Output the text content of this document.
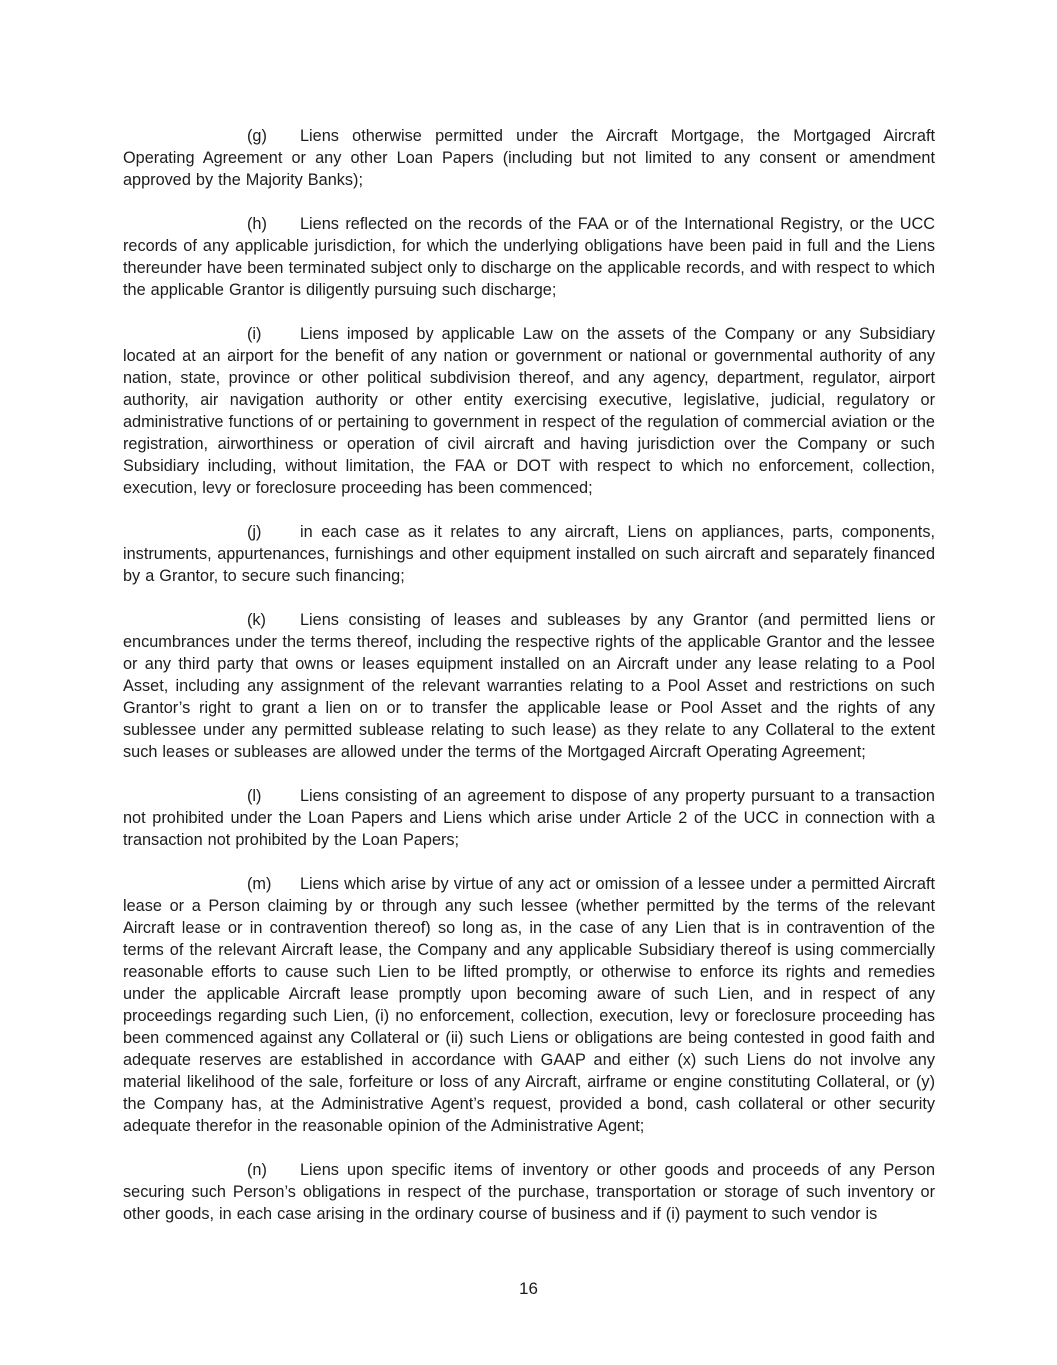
(g) Liens otherwise permitted under the Aircraft Mortgage, the Mortgaged Aircraft Operating Agreement or any other Loan Papers (including but not limited to any consent or amendment approved by the Majority Banks);

(h) Liens reflected on the records of the FAA or of the International Registry, or the UCC records of any applicable jurisdiction, for which the underlying obligations have been paid in full and the Liens thereunder have been terminated subject only to discharge on the applicable records, and with respect to which the applicable Grantor is diligently pursuing such discharge;

(i) Liens imposed by applicable Law on the assets of the Company or any Subsidiary located at an airport for the benefit of any nation or government or national or governmental authority of any nation, state, province or other political subdivision thereof, and any agency, department, regulator, airport authority, air navigation authority or other entity exercising executive, legislative, judicial, regulatory or administrative functions of or pertaining to government in respect of the regulation of commercial aviation or the registration, airworthiness or operation of civil aircraft and having jurisdiction over the Company or such Subsidiary including, without limitation, the FAA or DOT with respect to which no enforcement, collection, execution, levy or foreclosure proceeding has been commenced;

(j) in each case as it relates to any aircraft, Liens on appliances, parts, components, instruments, appurtenances, furnishings and other equipment installed on such aircraft and separately financed by a Grantor, to secure such financing;

(k) Liens consisting of leases and subleases by any Grantor (and permitted liens or encumbrances under the terms thereof, including the respective rights of the applicable Grantor and the lessee or any third party that owns or leases equipment installed on an Aircraft under any lease relating to a Pool Asset, including any assignment of the relevant warranties relating to a Pool Asset and restrictions on such Grantor’s right to grant a lien on or to transfer the applicable lease or Pool Asset and the rights of any sublessee under any permitted sublease relating to such lease) as they relate to any Collateral to the extent such leases or subleases are allowed under the terms of the Mortgaged Aircraft Operating Agreement;

(l) Liens consisting of an agreement to dispose of any property pursuant to a transaction not prohibited under the Loan Papers and Liens which arise under Article 2 of the UCC in connection with a transaction not prohibited by the Loan Papers;

(m) Liens which arise by virtue of any act or omission of a lessee under a permitted Aircraft lease or a Person claiming by or through any such lessee (whether permitted by the terms of the relevant Aircraft lease or in contravention thereof) so long as, in the case of any Lien that is in contravention of the terms of the relevant Aircraft lease, the Company and any applicable Subsidiary thereof is using commercially reasonable efforts to cause such Lien to be lifted promptly, or otherwise to enforce its rights and remedies under the applicable Aircraft lease promptly upon becoming aware of such Lien, and in respect of any proceedings regarding such Lien, (i) no enforcement, collection, execution, levy or foreclosure proceeding has been commenced against any Collateral or (ii) such Liens or obligations are being contested in good faith and adequate reserves are established in accordance with GAAP and either (x) such Liens do not involve any material likelihood of the sale, forfeiture or loss of any Aircraft, airframe or engine constituting Collateral, or (y) the Company has, at the Administrative Agent’s request, provided a bond, cash collateral or other security adequate therefor in the reasonable opinion of the Administrative Agent;

(n) Liens upon specific items of inventory or other goods and proceeds of any Person securing such Person’s obligations in respect of the purchase, transportation or storage of such inventory or other goods, in each case arising in the ordinary course of business and if (i) payment to such vendor is

16
